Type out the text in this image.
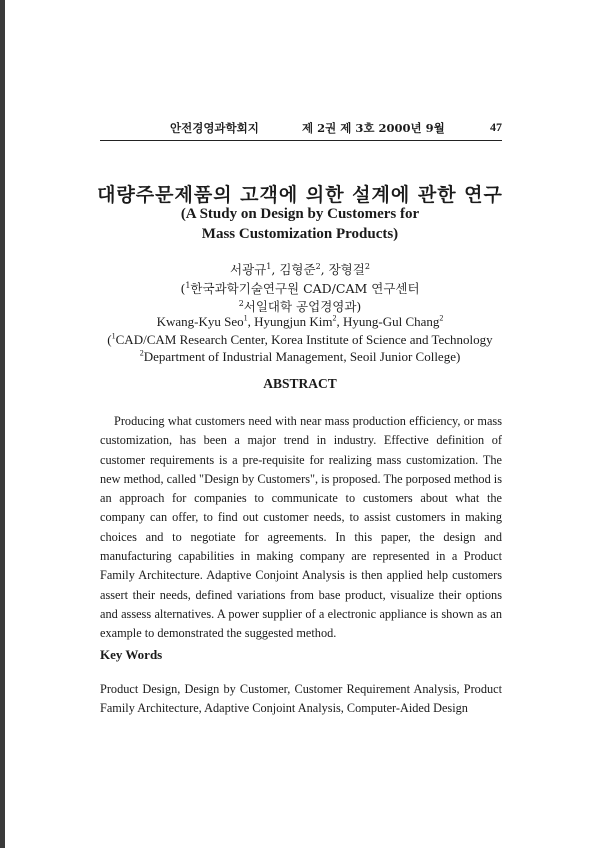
안전경영과학회지	제 2권 제 3호 2000년 9월	47
대량주문제품의 고객에 의한 설계에 관한 연구
(A Study on Design by Customers for
Mass Customization Products)
서광규$^1$, 김형준$^2$, 장형걸$^2$
($^1$한국과학기술연구원 CAD/CAM 연구센터
$^2$서일대학 공업경영과)
Kwang-Kyu Seo$^1$, Hyungjun Kim$^2$, Hyung-Gul Chang$^2$
($^1$CAD/CAM Research Center, Korea Institute of Science and Technology
$^2$Department of Industrial Management, Seoil Junior College)
ABSTRACT

Producing what customers need with near mass production efficiency, or mass customization, has been a major trend in industry. Effective definition of customer requirements is a pre-requisite for realizing mass customization. The new method, called "Design by Customers", is proposed. The porposed method is an approach for companies to communicate to customers about what the company can offer, to find out customer needs, to assist customers in making choices and to negotiate for agreements. In this paper, the design and manufacturing capabilities in making company are represented in a Product Family Architecture. Adaptive Conjoint Analysis is then applied help customers assert their needs, defined variations from base product, visualize their options and assess alternatives. A power supplier of a electronic appliance is shown as an example to demonstrated the suggested method.

Key Words

Product Design, Design by Customer, Customer Requirement Analysis, Product Family Architecture, Adaptive Conjoint Analysis, Computer-Aided Design
